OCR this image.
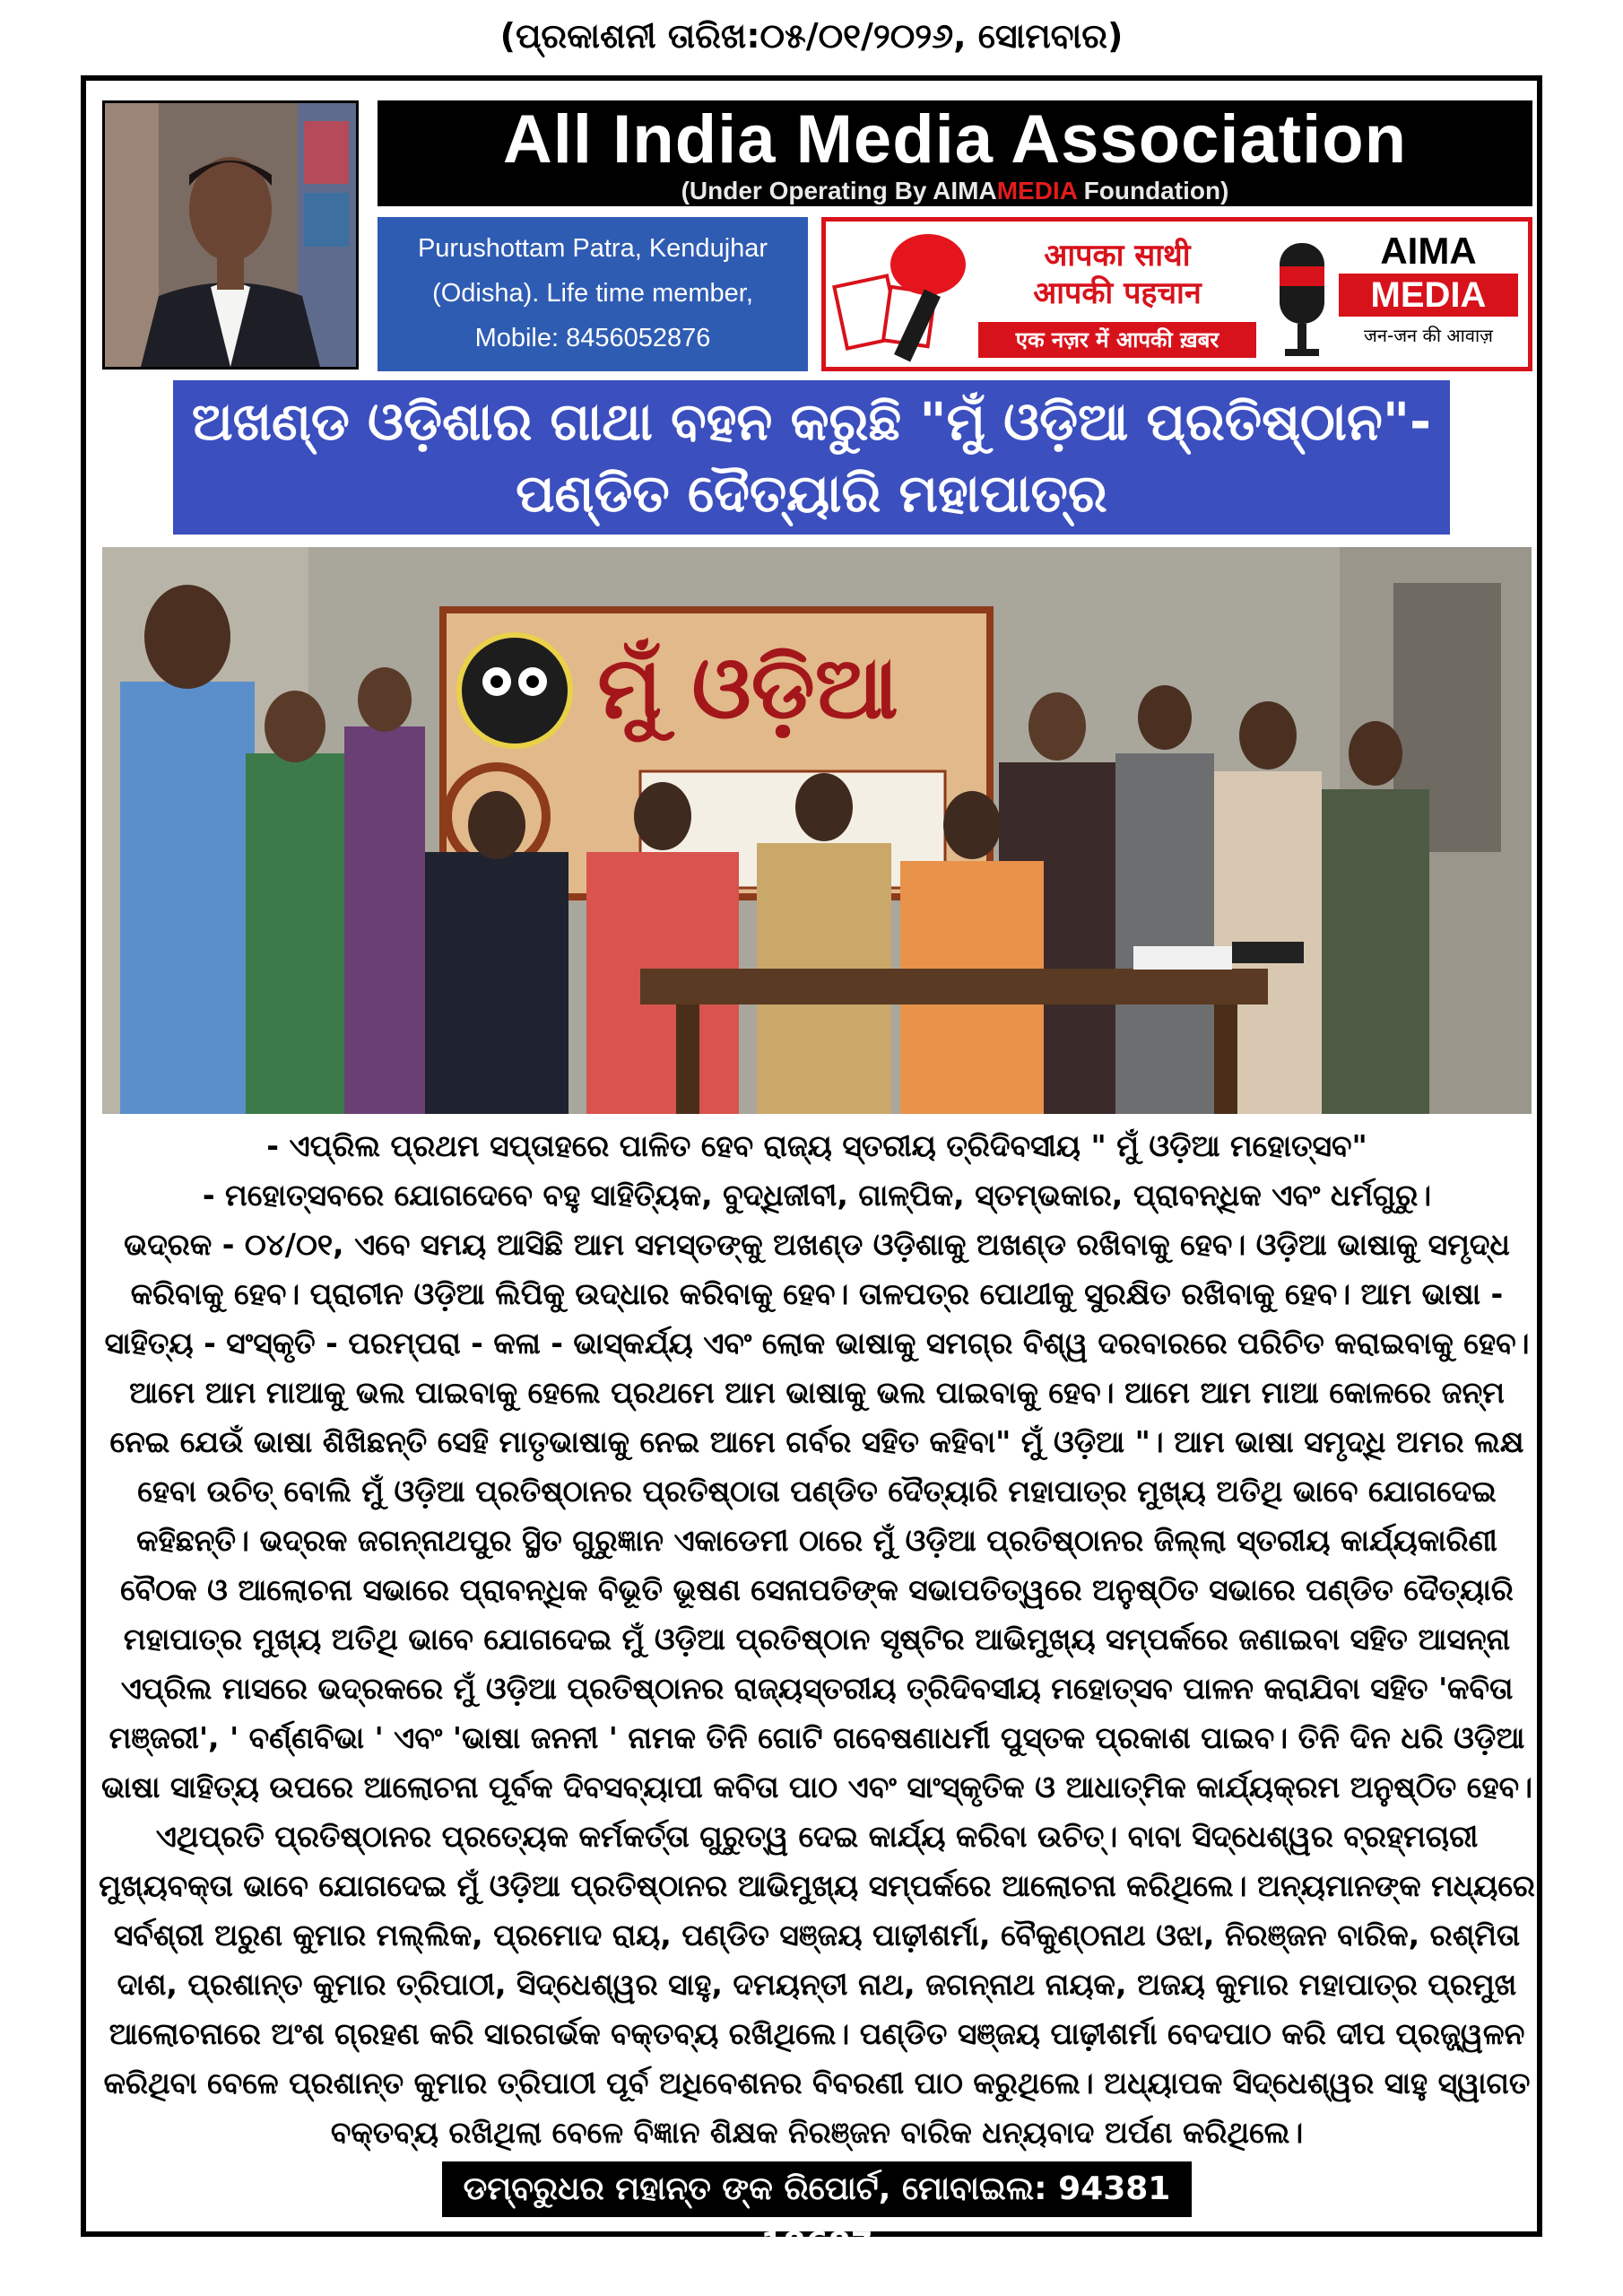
(ପ୍ରକାଶନୀ ତାରିଖ:୦୫/୦୧/୨୦୨୬, ସୋମବାର)
All India Media Association
(Under Operating By AIMAMEDIA Foundation)
Purushottam Patra, Kendujhar
(Odisha). Life time member,
Mobile: 8456052876
आपका साथी
आपकी पहचान
एक नज़र में आपकी ख़बर
AIMA
MEDIA
जन-जन की आवाज़
ଅଖଣ୍ଡ ଓଡ଼ିଶାର ଗାଥା ବହନ କରୁଛି "ମୁଁ ଓଡ଼ିଆ ପ୍ରତିଷ୍ଠାନ"-
ପଣ୍ଡିତ ଦୈତ୍ୟାରି ମହାପାତ୍ର
ମୁଁ ଓଡ଼ିଆ
- ଏପ୍ରିଲ ପ୍ରଥମ ସପ୍ତାହରେ ପାଳିତ ହେବ ରାଜ୍ୟ ସ୍ତରୀୟ ତ୍ରିଦିବସୀୟ " ମୁଁ ଓଡ଼ିଆ ମହୋତ୍ସବ"
- ମହୋତ୍ସବରେ ଯୋଗଦେବେ ବହୁ ସାହିତ୍ୟିକ, ବୁଦ୍ଧିଜୀବୀ, ଗାଳ୍ପିକ, ସ୍ତମ୍ଭକାର, ପ୍ରାବନ୍ଧିକ ଏବଂ ଧର୍ମଗୁରୁ।

ଭଦ୍ରକ - ୦୪/୦୧, ଏବେ ସମୟ ଆସିଛି ଆମ ସମସ୍ତଙ୍କୁ ଅଖଣ୍ଡ ଓଡ଼ିଶାକୁ ଅଖଣ୍ଡ ରଖିବାକୁ ହେବ। ଓଡ଼ିଆ ଭାଷାକୁ ସମୃଦ୍ଧ କରିବାକୁ ହେବ। ପ୍ରାଚୀନ ଓଡ଼ିଆ ଲିପିକୁ ଉଦ୍ଧାର କରିବାକୁ ହେବ। ତାଳପତ୍ର ପୋଥୀକୁ ସୁରକ୍ଷିତ ରଖିବାକୁ ହେବ। ଆମ ଭାଷା - ସାହିତ୍ୟ - ସଂସ୍କୃତି - ପରମ୍ପରା - କଳା - ଭାସ୍କର୍ଯ୍ୟ ଏବଂ ଲୋକ ଭାଷାକୁ ସମଗ୍ର ବିଶ୍ୱ ଦରବାରରେ ପରିଚିତ କରାଇବାକୁ ହେବ। ଆମେ ଆମ ମାଆକୁ ଭଲ ପାଇବାକୁ ହେଲେ ପ୍ରଥମେ ଆମ ଭାଷାକୁ ଭଲ ପାଇବାକୁ ହେବ। ଆମେ ଆମ ମାଆ କୋଳରେ ଜନ୍ମ ନେଇ ଯେଉଁ ଭାଷା ଶିଖିଛନ୍ତି ସେହି ମାତୃଭାଷାକୁ ନେଇ ଆମେ ଗର୍ବର ସହିତ କହିବା" ମୁଁ ଓଡ଼ିଆ "। ଆମ ଭାଷା ସମୃଦ୍ଧି ଅମର ଲକ୍ଷ ହେବା ଉଚିତ୍ ବୋଲି ମୁଁ ଓଡ଼ିଆ ପ୍ରତିଷ୍ଠାନର ପ୍ରତିଷ୍ଠାତା ପଣ୍ଡିତ ଦୈତ୍ୟାରି ମହାପାତ୍ର ମୁଖ୍ୟ ଅତିଥି ଭାବେ ଯୋଗଦେଇ କହିଛନ୍ତି। ଭଦ୍ରକ ଜଗନ୍ନାଥପୁର ସ୍ଥିତ ଗୁରୁଜ୍ଞାନ ଏକାଡେମୀ ଠାରେ ମୁଁ ଓଡ଼ିଆ ପ୍ରତିଷ୍ଠାନର ଜିଲ୍ଲା ସ୍ତରୀୟ କାର୍ଯ୍ୟକାରିଣୀ ବୈଠକ ଓ ଆଲୋଚନା ସଭାରେ ପ୍ରାବନ୍ଧିକ ବିଭୂତି ଭୂଷଣ ସେନାପତିଙ୍କ ସଭାପତିତ୍ୱରେ ଅନୁଷ୍ଠିତ ସଭାରେ ପଣ୍ଡିତ ଦୈତ୍ୟାରି ମହାପାତ୍ର ମୁଖ୍ୟ ଅତିଥି ଭାବେ ଯୋଗଦେଇ ମୁଁ ଓଡ଼ିଆ ପ୍ରତିଷ୍ଠାନ ସୃଷ୍ଟିର ଆଭିମୁଖ୍ୟ ସମ୍ପର୍କରେ ଜଣାଇବା ସହିତ ଆସନ୍ନା ଏପ୍ରିଲ ମାସରେ ଭଦ୍ରକରେ ମୁଁ ଓଡ଼ିଆ ପ୍ରତିଷ୍ଠାନର ରାଜ୍ୟସ୍ତରୀୟ ତ୍ରିଦିବସୀୟ ମହୋତ୍ସବ ପାଳନ କରାଯିବା ସହିତ 'କବିତା ମଞ୍ଜରୀ', ' ବର୍ଣ୍ଣବିଭା ' ଏବଂ 'ଭାଷା ଜନନୀ ' ନାମକ ତିନି ଗୋଟି ଗବେଷଣାଧର୍ମୀ ପୁସ୍ତକ ପ୍ରକାଶ ପାଇବ। ତିନି ଦିନ ଧରି ଓଡ଼ିଆ ଭାଷା ସାହିତ୍ୟ ଉପରେ ଆଲୋଚନା ପୂର୍ବକ ଦିବସବ୍ୟାପୀ କବିତା ପାଠ ଏବଂ ସାଂସ୍କୃତିକ ଓ ଆଧାତ୍ମିକ କାର୍ଯ୍ୟକ୍ରମ ଅନୁଷ୍ଠିତ ହେବ। ଏଥିପ୍ରତି ପ୍ରତିଷ୍ଠାନର ପ୍ରତ୍ୟେକ କର୍ମକର୍ତ୍ତା ଗୁରୁତ୍ୱ ଦେଇ କାର୍ଯ୍ୟ କରିବା ଉଚିତ୍। ବାବା ସିଦ୍ଧେଶ୍ୱର ବ୍ରହ୍ମଚାରୀ ମୁଖ୍ୟବକ୍ତା ଭାବେ ଯୋଗଦେଇ ମୁଁ ଓଡ଼ିଆ ପ୍ରତିଷ୍ଠାନର ଆଭିମୁଖ୍ୟ ସମ୍ପର୍କରେ ଆଲୋଚନା କରିଥିଲେ। ଅନ୍ୟମାନଙ୍କ ମଧ୍ୟରେ ସର୍ବଶ୍ରୀ ଅରୁଣ କୁମାର ମଲ୍ଲିକ, ପ୍ରମୋଦ ରାୟ, ପଣ୍ଡିତ ସଞ୍ଜୟ ପାଢ଼ୀଶର୍ମା, ବୈକୁଣ୍ଠନାଥ ଓଝା, ନିରଞ୍ଜନ ବାରିକ, ରଶ୍ମିତା ଦାଶ, ପ୍ରଶାନ୍ତ କୁମାର ତ୍ରିପାଠୀ, ସିଦ୍ଧେଶ୍ୱର ସାହୁ, ଦମୟନ୍ତୀ ନାଥ, ଜଗନ୍ନାଥ ନାୟକ, ଅଜୟ କୁମାର ମହାପାତ୍ର ପ୍ରମୁଖ ଆଲୋଚନାରେ ଅଂଶ ଗ୍ରହଣ କରି ସାରଗର୍ଭକ ବକ୍ତବ୍ୟ ରଖିଥିଲେ। ପଣ୍ଡିତ ସଞ୍ଜୟ ପାଢ଼ୀଶର୍ମା ବେଦପାଠ କରି ଦୀପ ପ୍ରଜ୍ଜ୍ୱଳନ କରିଥିବା ବେଳେ ପ୍ରଶାନ୍ତ କୁମାର ତ୍ରିପାଠୀ ପୂର୍ବ ଅଧିବେଶନର ବିବରଣୀ ପାଠ କରୁଥିଲେ। ଅଧ୍ୟାପକ ସିଦ୍ଧେଶ୍ୱର ସାହୁ ସ୍ୱାଗତ ବକ୍ତବ୍ୟ ରଖିଥିଲା ବେଳେ ବିଜ୍ଞାନ ଶିକ୍ଷକ ନିରଞ୍ଜନ ବାରିକ ଧନ୍ୟବାଦ ଅର୍ପଣ କରିଥିଲେ।

ଡମ୍ବରୁଧର ମହାନ୍ତ ଙ୍କ ରିପୋର୍ଟ, ମୋବାଇଲ: 94381 18687
